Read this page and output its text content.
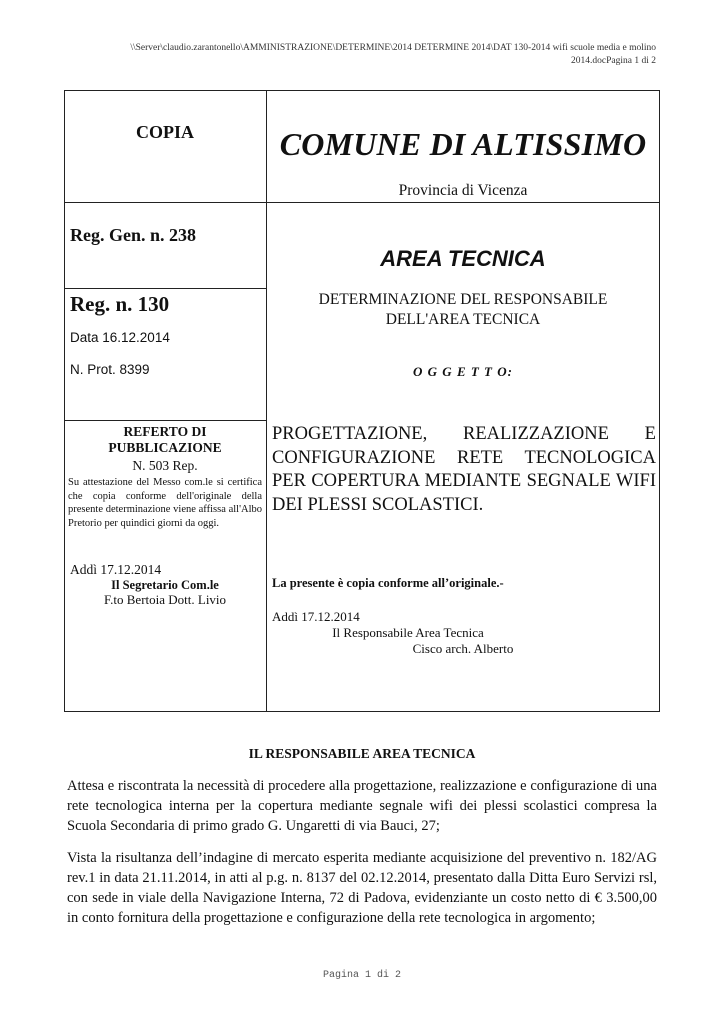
\\Server\claudio.zarantonello\AMMINISTRAZIONE\DETERMINE\2014 DETERMINE 2014\DAT 130-2014 wifi scuole media e molino
2014.docPagina 1 di 2
COPIA	COMUNE DI ALTISSIMO
Provincia di Vicenza
Reg. Gen. n. 238
AREA TECNICA
Reg. n. 130
Data 16.12.2014
N. Prot. 8399
DETERMINAZIONE DEL RESPONSABILE
DELL'AREA TECNICA
O G G E T T O:
REFERTO DI
PUBBLICAZIONE
N. 503 Rep.
Su attestazione del Messo com.le si certifica che copia conforme dell'originale della presente determinazione viene affissa all'Albo Pretorio per quindici giorni da oggi.
Addì 17.12.2014
Il Segretario Com.le
F.to Bertoia Dott. Livio
PROGETTAZIONE, REALIZZAZIONE E CONFIGURAZIONE RETE TECNOLOGICA PER COPERTURA MEDIANTE SEGNALE WIFI DEI PLESSI SCOLASTICI.
La presente è copia conforme all’originale.-
Addì 17.12.2014
Il Responsabile Area Tecnica
Cisco arch. Alberto
IL RESPONSABILE AREA TECNICA
Attesa e riscontrata la necessità di procedere alla progettazione, realizzazione e configurazione di una rete tecnologica interna per la copertura mediante segnale wifi dei plessi scolastici compresa la Scuola Secondaria di primo grado G. Ungaretti di via Bauci, 27;
Vista la risultanza dell’indagine di mercato esperita mediante acquisizione del preventivo n. 182/AG rev.1 in data 21.11.2014, in atti al p.g. n. 8137 del 02.12.2014, presentato dalla Ditta Euro Servizi rsl, con sede in viale della Navigazione Interna, 72 di Padova, evidenziante un costo netto di € 3.500,00 in conto fornitura della progettazione e configurazione della rete tecnologica in argomento;
Pagina 1 di 2
